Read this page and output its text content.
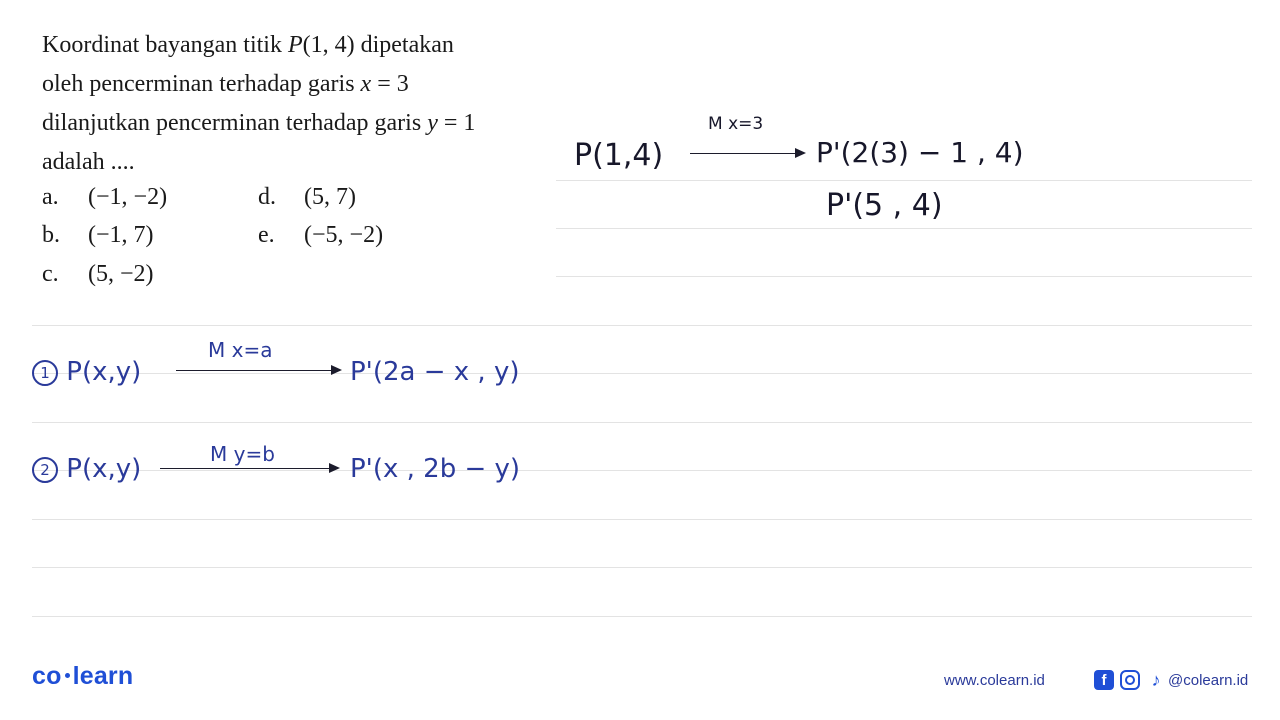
Koordinat bayangan titik P(1, 4) dipetakan
oleh pencerminan terhadap garis x = 3
dilanjutkan pencerminan terhadap garis y = 1
adalah ....
a. (−1, −2)
b. (−1, 7)
c. (5, −2)
d. (5, 7)
e. (−5, −2)
P(1,4)
M x=3
P'(2(3) − 1 , 4)
P'(5 , 4)
1 P(x,y)
M x=a
P'(2a − x , y)
2 P(x,y)	M y=b	P'(x , 2b − y)
co learn	www.colearn.id	f	♪ @colearn.id
